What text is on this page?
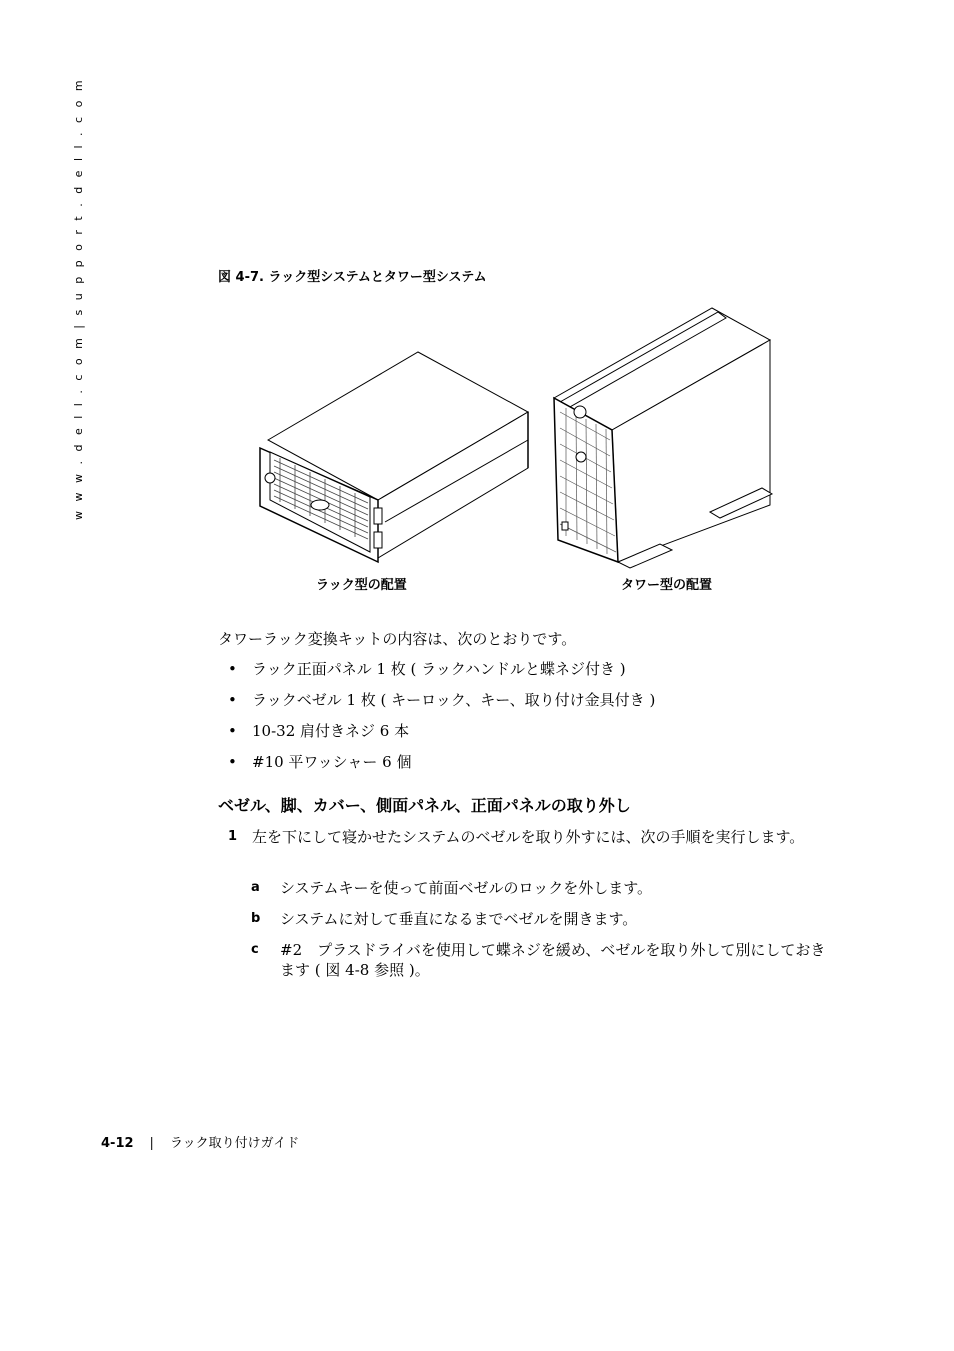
w w w . d e l l . c o m | s u p p o r t . d e l l . c o m	図 4-7. ラック型システムとタワー型システム
ラック型の配置	タワー型の配置
タワーラック変換キットの内容は、次のとおりです。
• ラック正面パネル 1 枚 ( ラックハンドルと蝶ネジ付き )
• ラックベゼル 1 枚 ( キーロック、キー、取り付け金具付き )
• 10-32 肩付きネジ 6 本
• #10 平ワッシャー 6 個
ベゼル、脚、カバー、側面パネル、正面パネルの取り外し
1 左を下にして寝かせたシステムのベゼルを取り外すには、次の手順を実行します。
a システムキーを使って前面ベゼルのロックを外します。
b システムに対して垂直になるまでベゼルを開きます。
c #2　プラスドライバを使用して蝶ネジを緩め、ベゼルを取り外して別にしておきます ( 図 4-8 参照 )。
4-12 | ラック取り付けガイド
